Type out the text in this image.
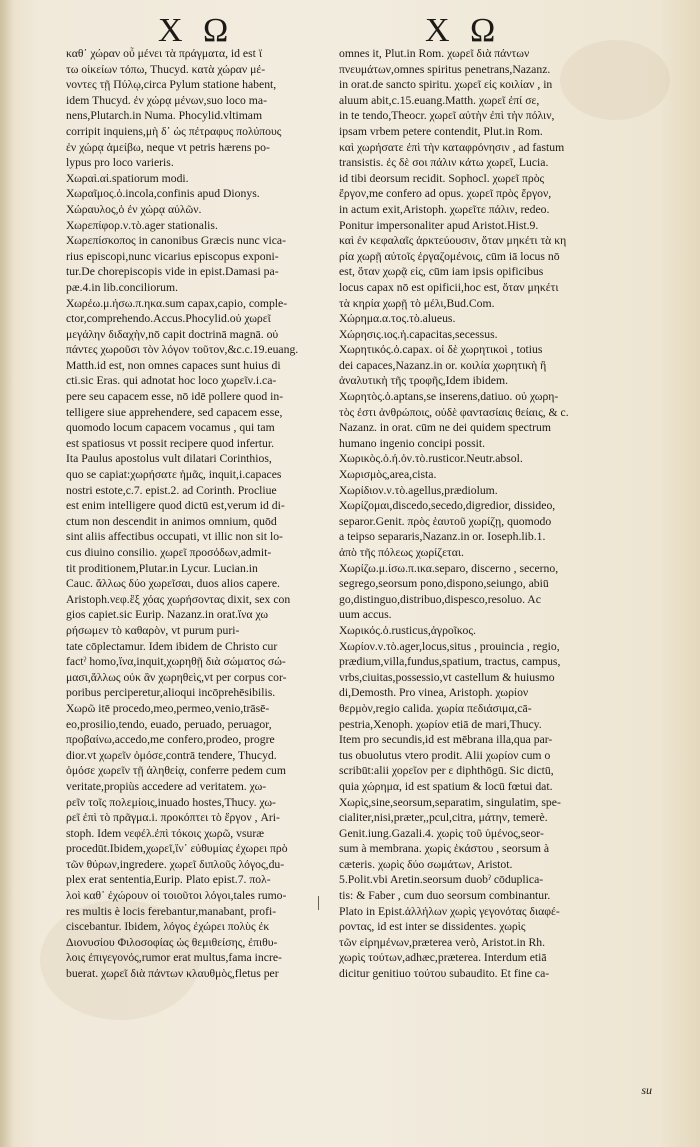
X Ω	X Ω

καθ᾽ χώραν οὖ μένει τὰ πράγματα, id est ϊ

τω οἰκείων τόπω, Thucyd. κατὰ χώραν μέ-

νοντες τῇ Πύλῳ,circa Pylum statione habent,

idem Thucyd. ἐν χώρᾳ μένων,suo loco ma-

nens,Plutarch.in Numa. Phocylid.vltimam

corripit inquiens,μὴ δ᾽ ὡς πέτραφυς πολύπους

ἐν χώρᾳ ἀμείβω, neque vt petris hærens po-

lypus pro loco varieris.

Χωραὶ.αἱ.spatiorum modi.

Χωραῖμος.ὁ.incola,confinis apud Dionys.

Χώραυλος,ὁ ἐν χώρᾳ αὐλῶν.

Χωρεπίφορ.ν.τὸ.ager stationalis.

Χωρεπίσκοπος in canonibus Græcis nunc vica-

rius episcopi,nunc vicarius episcopus exponi-

tur.De chorepiscopis vide in epist.Damasi pa-

pæ.4.in lib.conciliorum.

Χωρέω.μ.ήσω.π.ηκα.sum capax,capio, comple-

ctor,comprehendo.Accus.Phocylid.οὐ χωρεῖ

μεγάλην διδαχὴν,nō capit doctrinā magnā. οὐ

πάντες χωροῦσι τὸν λόγον τοῦτον,&c.c.19.euang.

Matth.id est, non omnes capaces sunt huius di

cti.sic Eras. qui adnotat hoc loco χωρεῖν.i.ca-

pere seu capacem esse, nō idē pollere quod in-

telligere siue apprehendere, sed capacem esse,

quomodo locum capacem vocamus , qui tam

est spatiosus vt possit recipere quod infertur.

Ita Paulus apostolus vult dilatari Corinthios,

quo se capiat:χωρήσατε ἡμᾶς, inquit,i.capaces

nostri estote,c.7. epist.2. ad Corinth. Procliue

est enim intelligere quod dictū est,verum id di-

ctum non descendit in animos omnium, quōd

sint aliis affectibus occupati, vt illic non sit lo-

cus diuino consilio. χωρεῖ προσόδων,admit-

tit proditionem,Plutar.in Lycur. Lucian.in

Cauc. ἄλλως δύο χωρεῖσαι, duos alios capere.

Aristoph.νεφ.ἓξ χόας χωρήσοντας dixit, sex con

gios capiet.sic Eurip. Nazanz.in orat.ἵνα χω

ρήσωμεν τὸ καθαρὸν, vt purum puri-

tate cōplectamur. Idem ibidem de Christo cur

factˀ homo,ἵνα,inquit,χωρηθῇ διὰ σώματος σώ-

μασι,ἄλλως οὐκ ἂν χωρηθεὶς,vt per corpus cor-

poribus perciperetur,alioqui incōprehēsibilis.

Χωρῶ itē procedo,meo,permeo,venio,trāsē-

eo,prosilio,tendo, euado, peruado, peruagor,

προβαίνω,accedo,me confero,prodeo, progre

dior.vt χωρεῖν ὁμόσε,contrā tendere, Thucyd.

ὁμόσε χωρεῖν τῇ ἀληθείᾳ, conferre pedem cum

veritate,propiùs accedere ad veritatem. χω-

ρεῖν τοῖς πολεμίοις,inuado hostes,Thucy. χω-

ρεῖ ἐπὶ τὸ πρᾶγμα.i. προκόπτει τὸ ἔργον , Ari-

stoph. Idem νεφέλ.ἐπὶ τόκοις χωρῶ, vsuræ

procedūt.Ibidem,χωρεῖ,ἵν᾽ εὐθυμίας ἐχωρει πρὸ

τῶν θύρων,ingredere. χωρεῖ διπλοῦς λόγος,du-

plex erat sententia,Eurip. Plato epist.7. πολ-

λοὶ καθ᾽ ἐχώρουν οἱ τοιοῦτοι λόγοι,tales rumo-

res multis è locis ferebantur,manabant, profi-

ciscebantur. Ibidem, λόγος ἐχώρει πολὺς ἐκ

Διονυσίου Φιλοσοφίας ὡς θεμιθείσης, ἐπιθυ-

λοις ἐπιγεγονός,rumor erat multus,fama incre-

buerat. χωρεῖ διὰ πάντων κλαυθμὸς,fletus per

omnes it, Plut.in Rom. χωρεῖ διὰ πάντων

πνευμάτων,omnes spiritus penetrans,Nazanz.

in orat.de sancto spiritu. χωρεῖ εἰς κοιλίαν , in

aluum abit,c.15.euang.Matth. χωρεῖ ἐπί σε,

in te tendo,Theocr. χωρεῖ αὐτὴν ἐπὶ τὴν πόλιν,

ipsam vrbem petere contendit, Plut.in Rom.

καὶ χωρήσατε ἐπὶ τὴν καταφρόνησιν , ad fastum

transistis. ἐς δὲ σοι πάλιν κάτω χωρεῖ, Lucia.

id tibi deorsum recidit. Sophocl. χωρεῖ πρὸς

ἔργον,me confero ad opus. χωρεῖ πρὸς ἔργον,

in actum exit,Aristoph. χωρεῖτε πάλιν, redeo.

Ponitur impersonaliter apud Aristot.Hist.9.

καὶ ἐν κεφαλαῖς ἀρκτεύουσιν, ὅταν μηκέτι τὰ κη

ρία χωρῇ αὐτοῖς ἐργαζομένοις, cūm iā locus nō

est, ὅταν χωρᾷ εἰς, cūm iam ipsis opificibus

locus capax nō est opificii,hoc est, ὅταν μηκέτι

τὰ κηρία χωρῇ τὸ μέλι,Bud.Com.

Χώρημα.α.τος.τὸ.alueus.

Χώρησις.ιος.ἡ.capacitas,secessus.

Χωρητικός.ὁ.capax. οἱ δὲ χωρητικοὶ , totius

dei capaces,Nazanz.in or. κοιλία χωρητικὴ ἢ

ἀναλυτικὴ τῆς τροφῆς,Idem ibidem.

Χωρητὸς.ὁ.aptans,se inserens,datiuo. οὐ χωρη-

τὸς ἐστι ἀνθρώποις, οὐδὲ φαντασίαις θείαις, & c.

Nazanz. in orat. cūm ne dei quidem spectrum

humano ingenio concipi possit.

Χωρικὸς.ὁ.ή.ὁν.τὸ.rusticor.Neutr.absol.

Χωρισμὸς,area,cista.

Χωρίδιον.ν.τὸ.agellus,prædiolum.

Χωρίζομαι,discedo,secedo,digredior, dissideo,

separor.Genit. πρὸς ἑαυτοῦ χωρίζῃ, quomodo

a teipso separaris,Nazanz.in or. Ioseph.lib.1.

ἀπὸ τῆς πόλεως χωρίζεται.

Χωρίζω.μ.ίσω.π.ικα.separo, discerno , secerno,

segrego,seorsum pono,dispono,seiungo, abiū

go,distinguo,distribuo,dispesco,resoluo. Ac

uum accus.

Χωρικός.ὁ.rusticus,ἀγροῖκος.

Χωρίον.ν.τὸ.ager,locus,situs , prouincia , regio,

prædium,villa,fundus,spatium, tractus, campus,

vrbs,ciuitas,possessio,vt castellum & huiusmo

di,Demosth. Pro vinea, Aristoph. χωρίον

θερμὸν,regio calida. χωρία πεδιάσιμα,cā-

pestria,Xenoph. χωρίον etiā de mari,Thucy.

Item pro secundis,id est mēbrana illa,qua par-

tus obuolutus vtero prodit. Alii χωρίον cum ο

scribūt:alii χορεῖον per ε diphthōgū. Sic dictū,

quia χώρημα, id est spatium & locū fœtui dat.

Χωρὶς,sine,seorsum,separatim, singulatim, spe-

cialiter,nisi,præter,,pcul,citra, μάτην, temerè.

Genit.iung.Gazali.4. χωρὶς τοῦ ὑμένος,seor-

sum à membrana. χωρὶς ἑκάστου , seorsum à

cæteris. χωρὶς δύο σωμάτων, Aristot.

5.Polit.vbi Aretin.seorsum duobˀ cōduplica-

tis: & Faber , cum duo seorsum combinantur.

Plato in Epist.ἀλλήλων χωρὶς γεγονότας διαφέ-

ροντας, id est inter se dissidentes. χωρὶς

τῶν εἰρημένων,præterea verò, Aristot.in Rh.

χωρὶς τούτων,adhæc,præterea. Interdum etiā

dicitur genitiuo τούτου subaudito. Et fine ca-

su
